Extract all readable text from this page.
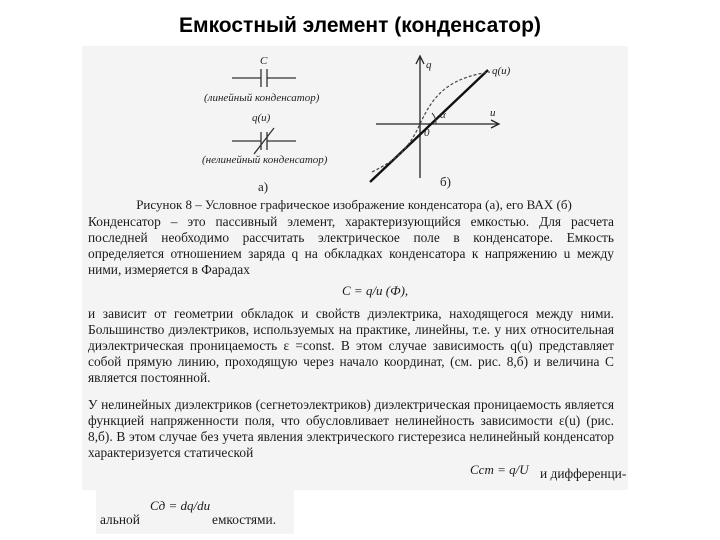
Емкостный элемент (конденсатор)
C
(линейный конденсатор)
q(u)
(нелинейный конденсатор)
а)
q
u
0
α
q(u)
б)
Рисунок 8 – Условное графическое изображение конденсатора (а), его ВАХ (б)
Конденсатор – это пассивный элемент, характеризующийся емкостью. Для расчета последней необходимо рассчитать электрическое поле в конденсаторе. Емкость определяется отношением заряда q на обкладках конденсатора к напряжению u между ними, измеряется в Фарадах
C = q/u (Ф),
и зависит от геометрии обкладок и свойств диэлектрика, находящегося между ними. Большинство диэлектриков, используемых на практике, линейны, т.е. у них относительная диэлектрическая проницаемость ε =const. В этом случае зависимость q(u) представляет собой прямую линию, проходящую через начало координат, (см. рис. 8,б) и величина C является постоянной.
У нелинейных диэлектриков (сегнетоэлектриков) диэлектрическая проницаемость является функцией напряженности поля, что обусловливает нелинейность зависимости ε(u) (рис. 8,б). В этом случае без учета явления электрического гистерезиса нелинейный конденсатор характеризуется статической
Cст = q/U и дифференци-
альной
Cд = dq/du
емкостями.
